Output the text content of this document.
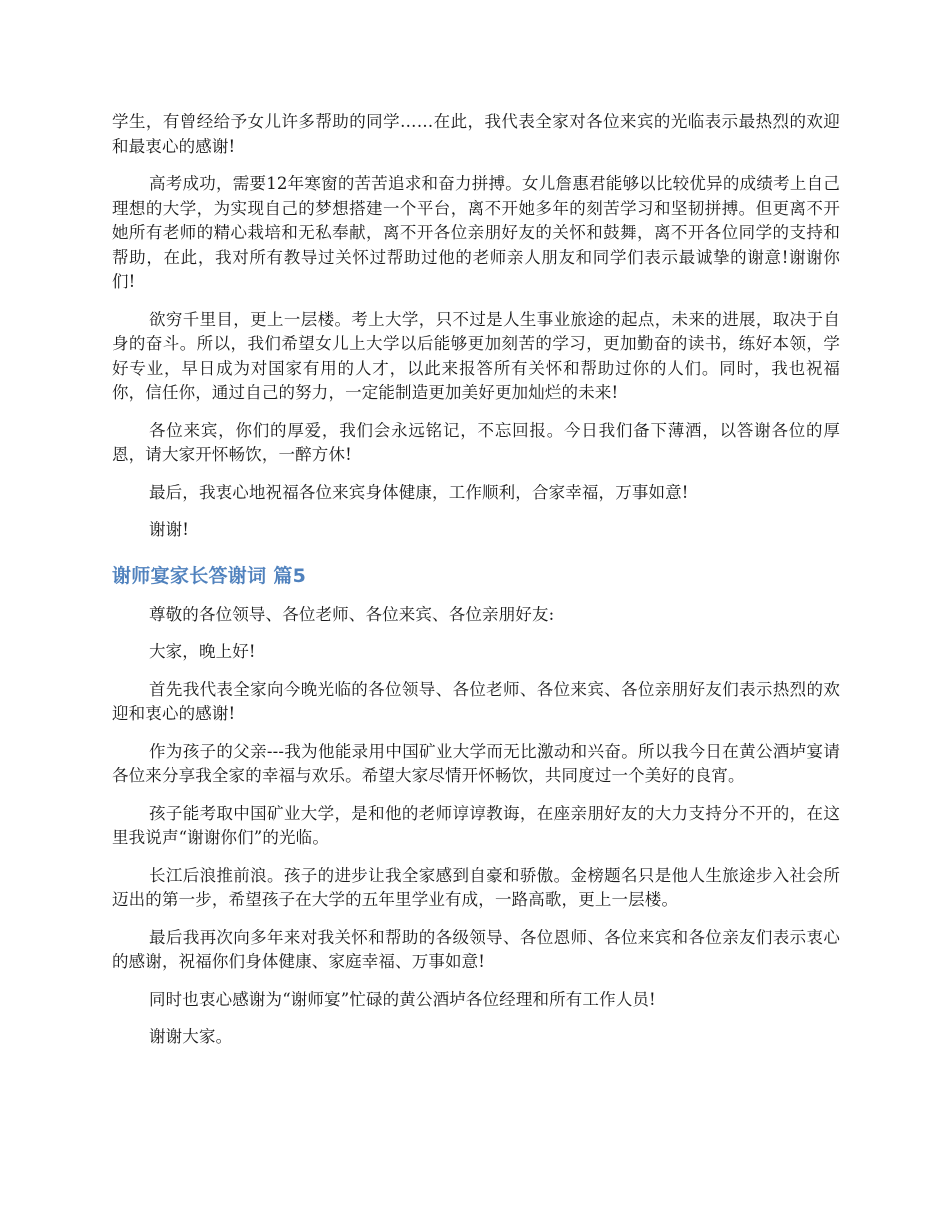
学生，有曾经给予女儿许多帮助的同学……在此，我代表全家对各位来宾的光临表示最热烈的欢迎和最衷心的感谢!

高考成功，需要12年寒窗的苦苦追求和奋力拼搏。女儿詹惠君能够以比较优异的成绩考上自己理想的大学，为实现自己的梦想搭建一个平台，离不开她多年的刻苦学习和坚韧拼搏。但更离不开她所有老师的精心栽培和无私奉献，离不开各位亲朋好友的关怀和鼓舞，离不开各位同学的支持和帮助，在此，我对所有教导过关怀过帮助过他的老师亲人朋友和同学们表示最诚挚的谢意!谢谢你们!

欲穷千里目，更上一层楼。考上大学，只不过是人生事业旅途的起点，未来的进展，取决于自身的奋斗。所以，我们希望女儿上大学以后能够更加刻苦的学习，更加勤奋的读书，练好本领，学好专业，早日成为对国家有用的人才，以此来报答所有关怀和帮助过你的人们。同时，我也祝福你，信任你，通过自己的努力，一定能制造更加美好更加灿烂的未来!

各位来宾，你们的厚爱，我们会永远铭记，不忘回报。今日我们备下薄酒，以答谢各位的厚恩，请大家开怀畅饮，一醉方休!

最后，我衷心地祝福各位来宾身体健康，工作顺利，合家幸福，万事如意!

谢谢!

谢师宴家长答谢词 篇5

尊敬的各位领导、各位老师、各位来宾、各位亲朋好友:

大家，晚上好!

首先我代表全家向今晚光临的各位领导、各位老师、各位来宾、各位亲朋好友们表示热烈的欢迎和衷心的感谢!

作为孩子的父亲---我为他能录用中国矿业大学而无比激动和兴奋。所以我今日在黄公酒垆宴请各位来分享我全家的幸福与欢乐。希望大家尽情开怀畅饮，共同度过一个美好的良宵。

孩子能考取中国矿业大学，是和他的老师谆谆教诲，在座亲朋好友的大力支持分不开的，在这里我说声“谢谢你们”的光临。

长江后浪推前浪。孩子的进步让我全家感到自豪和骄傲。金榜题名只是他人生旅途步入社会所迈出的第一步，希望孩子在大学的五年里学业有成，一路高歌，更上一层楼。

最后我再次向多年来对我关怀和帮助的各级领导、各位恩师、各位来宾和各位亲友们表示衷心的感谢，祝福你们身体健康、家庭幸福、万事如意!

同时也衷心感谢为“谢师宴”忙碌的黄公酒垆各位经理和所有工作人员!

谢谢大家。
